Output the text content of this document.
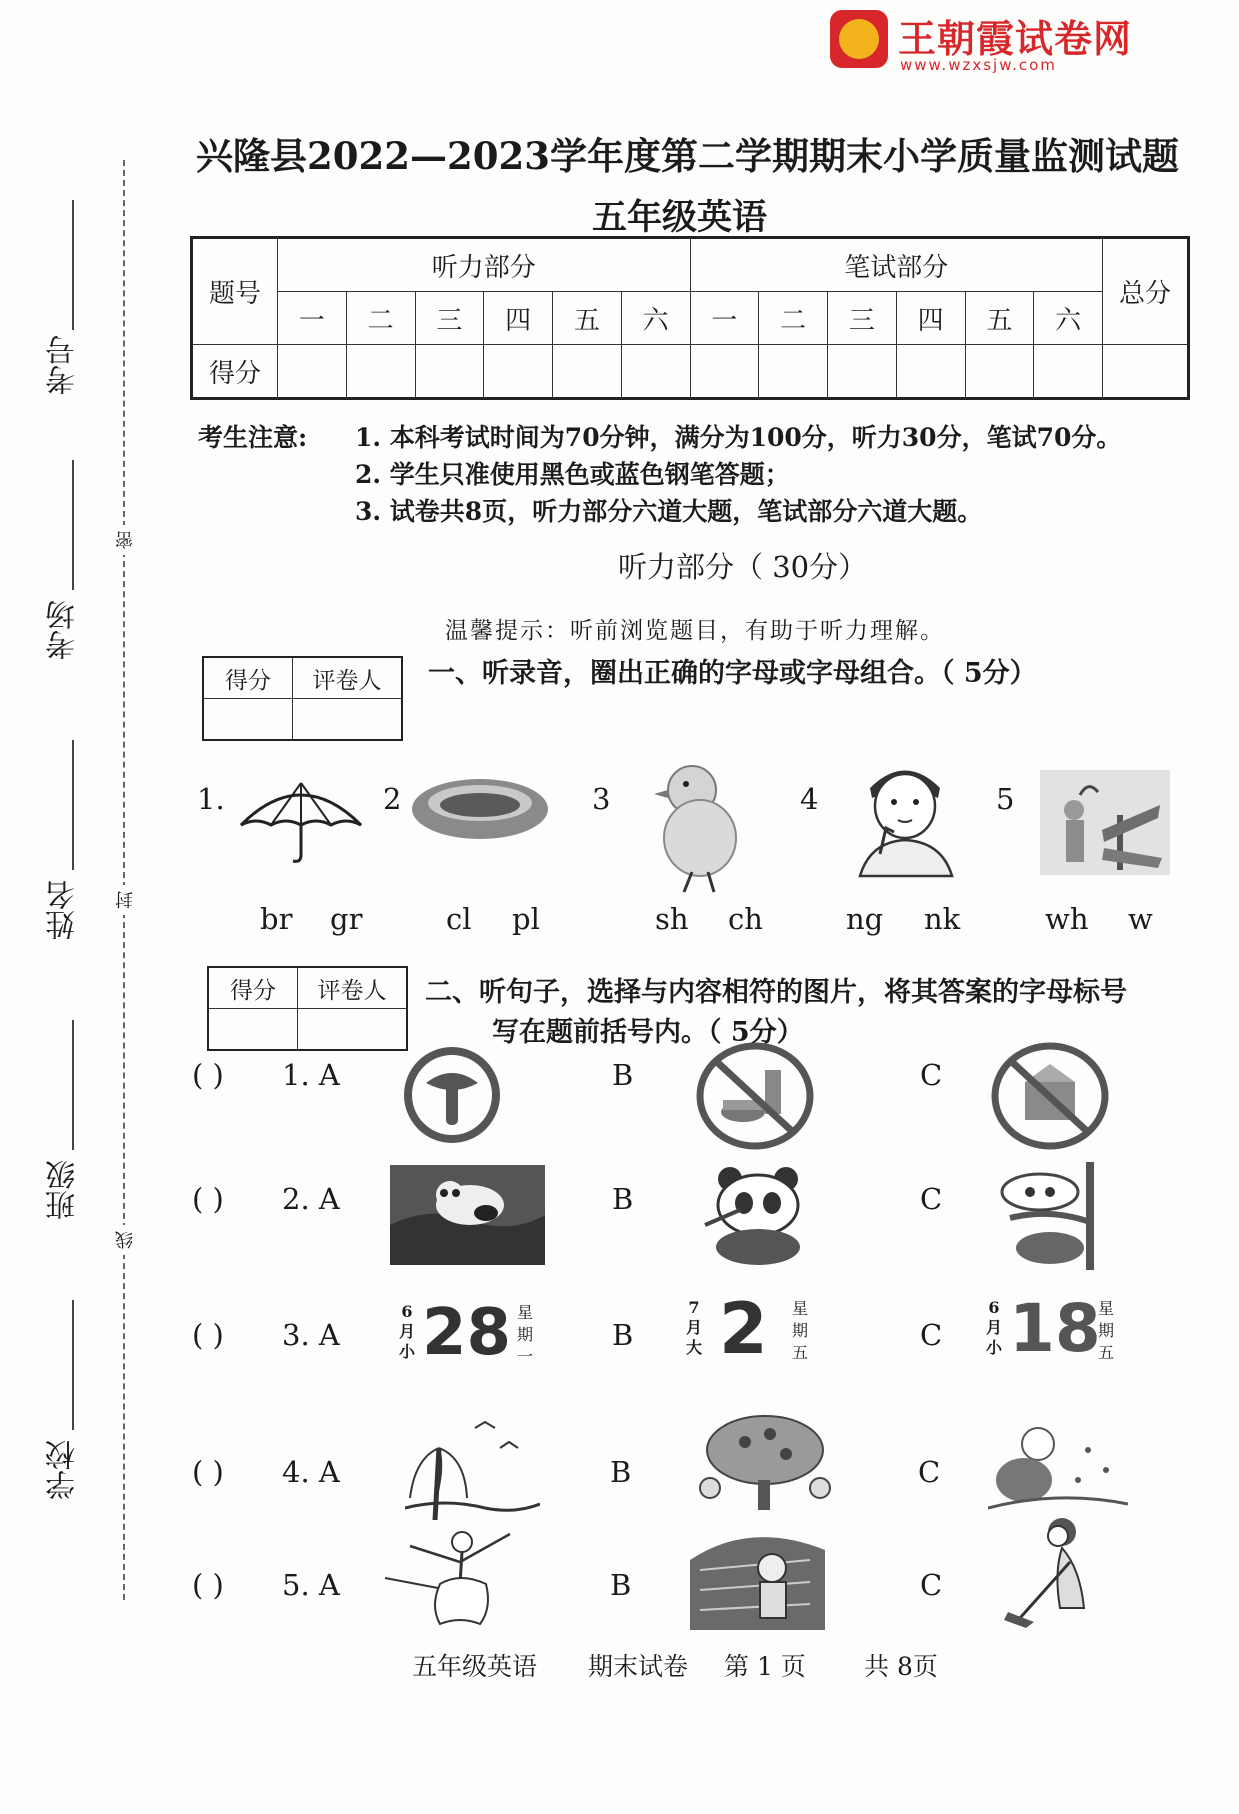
王朝霞试卷网
www.wzxsjw.com
密
封
线
考号
考场
姓名
班级
学校
兴隆县2022—2023学年度第二学期期末小学质量监测试题
五年级英语
题号	听力部分						笔试部分						总分
	一	二	三	四	五	六	一	二	三	四	五	六	
得分													
考生注意: 1. 本科考试时间为70分钟，满分为100分，听力30分，笔试70分。
2. 学生只准使用黑色或蓝色钢笔答题；
3. 试卷共8页，听力部分六道大题，笔试部分六道大题。
听力部分（ 30分）
温馨提示：听前浏览题目，有助于听力理解。
得分	评卷人
	一、听录音，圈出正确的字母或字母组合。（ 5分）
1.	2	3	4	5
br gr	cl pl	sh ch	ng nk	wh w
得分	评卷人
	二、听句子，选择与内容相符的图片，将其答案的字母标号
写在题前括号内。（ 5分）
( ) 1. A	B	C
( ) 2. A	B	C
( ) 3. A	B	C
6
月
小 28 星
期
一
7
月
大 2 星
期
五
6
月
小 18
星
期
五
( ) 4. A	B	C
( ) 5. A	B	C
五年级英语 期末试卷 第 1 页 共 8页
